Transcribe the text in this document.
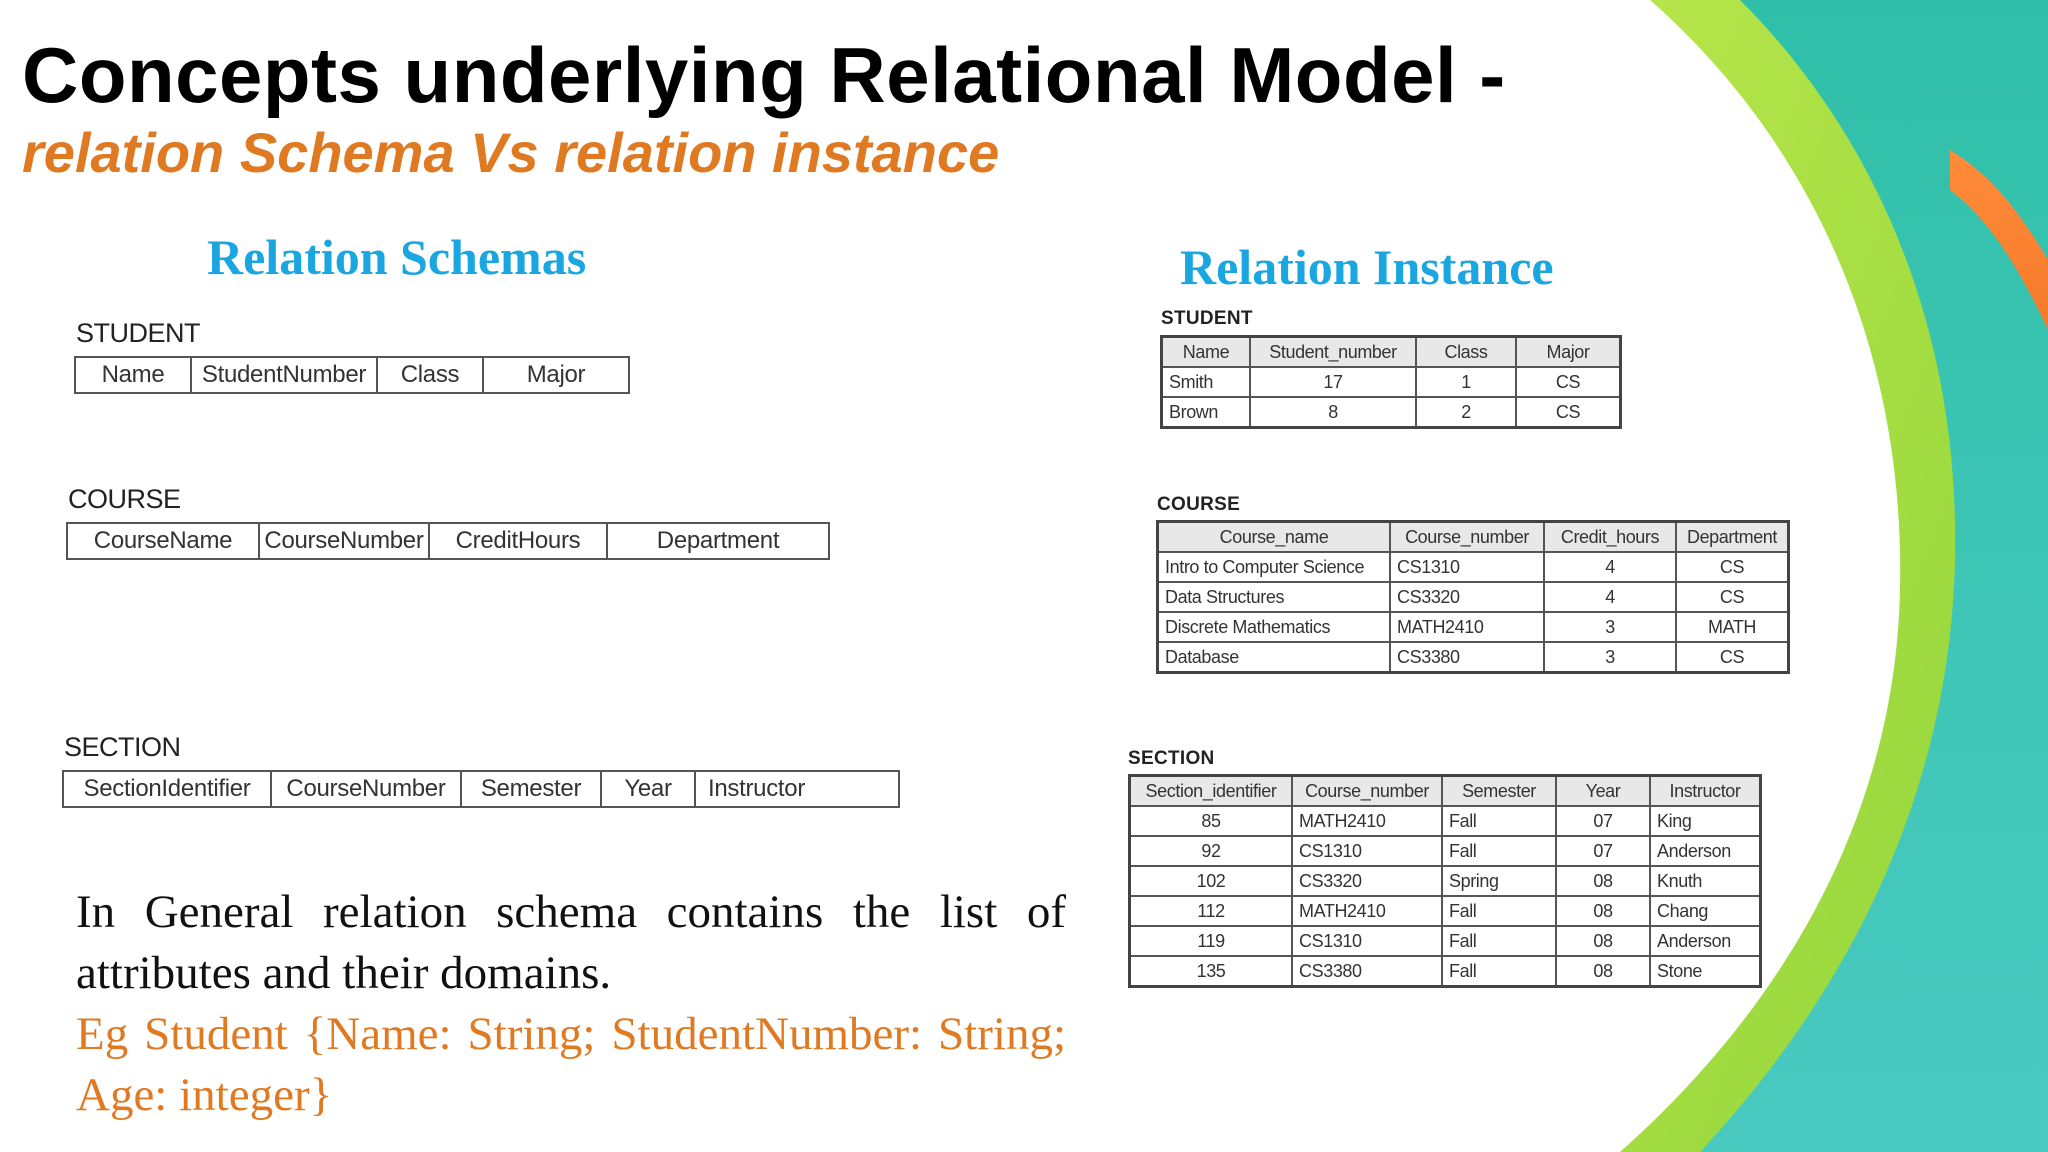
Concepts underlying Relational Model -
relation Schema Vs relation instance
Relation Schemas
STUDENT
Name	StudentNumber	Class	Major
COURSE
CourseName	CourseNumber	CreditHours	Department
SECTION
SectionIdentifier	CourseNumber	Semester	Year	Instructor
Relation Instance
STUDENT
Name	Student_number	Class	Major
Smith	17	1	CS
Brown	8	2	CS
COURSE
Course_name	Course_number	Credit_hours	Department
Intro to Computer Science	CS1310	4	CS
Data Structures	CS3320	4	CS
Discrete Mathematics	MATH2410	3	MATH
Database	CS3380	3	CS
SECTION
Section_identifier	Course_number	Semester	Year	Instructor
85	MATH2410	Fall	07	King
92	CS1310	Fall	07	Anderson
102	CS3320	Spring	08	Knuth
112	MATH2410	Fall	08	Chang
119	CS1310	Fall	08	Anderson
135	CS3380	Fall	08	Stone
In General relation schema contains the list of attributes and their domains.
Eg Student {Name: String; StudentNumber: String; Age: integer}
